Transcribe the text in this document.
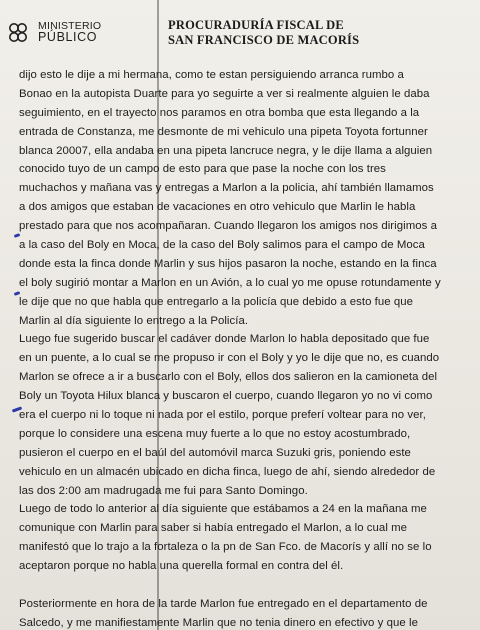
MINISTERIO
PÚBLICO
PROCURADURÍA FISCAL DE
SAN FRANCISCO DE MACORÍS
dijo esto le dije a mi hermana, como te estan persiguiendo arranca rumbo a
Bonao en la autopista Duarte para yo seguirte a ver si realmente alguien le daba
seguimiento, en el trayecto nos paramos en otra bomba que esta llegando a la
entrada de Constanza, me desmonte de mi vehiculo una pipeta Toyota fortunner
blanca 20007, ella andaba en una pipeta lancruce negra, y le dije llama a alguien
conocido tuyo de un campo de esto para que pase la noche con los tres
muchachos y mañana vas y entregas a Marlon a la policia, ahí también llamamos
a dos amigos que estaban de vacaciones en otro vehiculo que Marlin le habla
prestado para que nos acompañaran. Cuando llegaron los amigos nos dirigimos a
a la caso del Boly en Moca, de la caso del Boly salimos para el campo de Moca
donde esta la finca donde Marlin y sus hijos pasaron la noche, estando en la finca
el boly sugirió montar a Marlon en un Avión, a lo cual yo me opuse rotundamente y
le dije que no que habla que entregarlo a la policía que debido a esto fue que
Marlin al día siguiente lo entrego a la Policía.
Luego fue sugerido buscar el cadáver donde Marlon lo habla depositado que fue
en un puente, a lo cual se me propuso ir con el Boly y yo le dije que no, es cuando
Marlon se ofrece a ir a buscarlo con el Boly, ellos dos salieron en la camioneta del
Boly un Toyota Hilux blanca y buscaron el cuerpo, cuando llegaron yo no vi como
era el cuerpo ni lo toque ni nada por el estilo, porque preferí voltear para no ver,
porque lo considere una escena muy fuerte a lo que no estoy acostumbrado,
pusieron el cuerpo en el baúl del automóvil marca Suzuki gris, poniendo este
vehiculo en un almacén ubicado en dicha finca, luego de ahí, siendo alrededor de
las dos 2:00 am madrugada me fui para Santo Domingo.
Luego de todo lo anterior al día siguiente que estábamos a 24 en la mañana me
comunique con Marlin para saber si había entregado el Marlon, a lo cual me
manifestó que lo trajo a la fortaleza o la pn de San Fco. de Macorís y allí no se lo
aceptaron porque no habla una querella formal en contra del él.
Posteriormente en hora de la tarde Marlon fue entregado en el departamento de
Salcedo, y me manifiestamente Marlin que no tenia dinero en efectivo y que le
